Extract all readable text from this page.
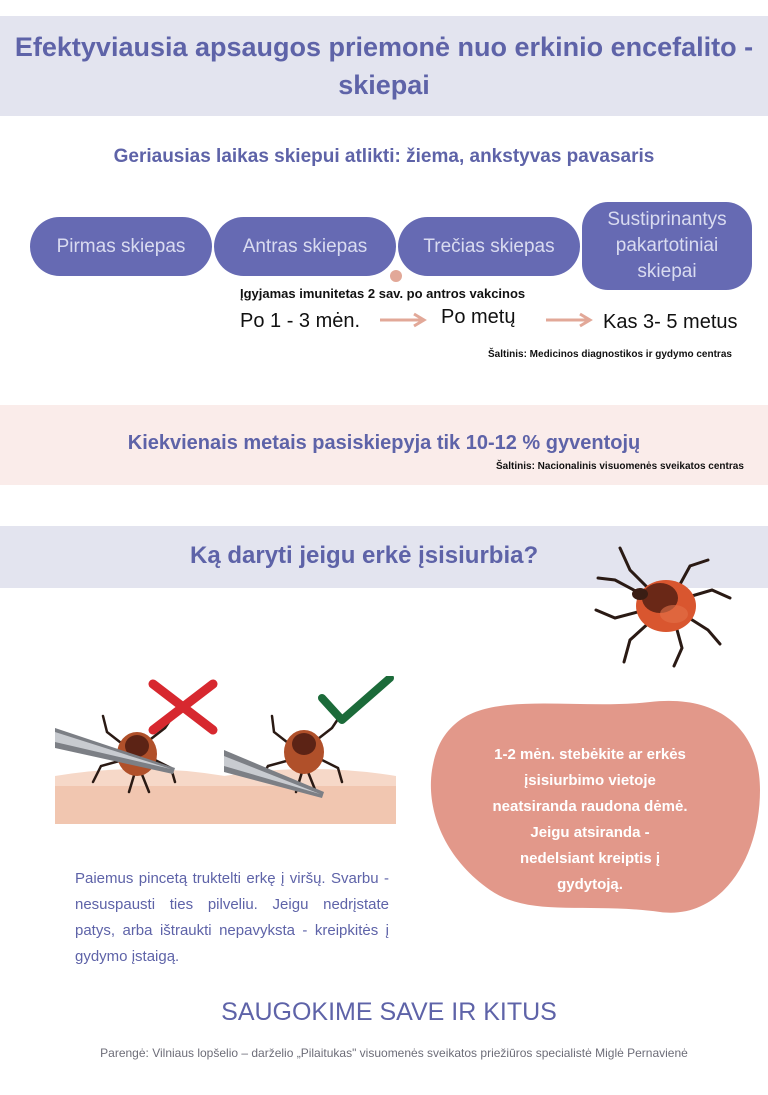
Efektyviausia apsaugos priemonė nuo erkinio encefalito -
skiepai
Geriausias laikas skiepui atlikti: žiema, ankstyvas pavasaris
Pirmas skiepas	Antras skiepas	Trečias skiepas
Sustiprinantys
pakartotiniai
skiepai
Įgyjamas imunitetas 2 sav. po antros vakcinos
Po 1 - 3 mėn.	Po metų	Kas 3- 5 metus
Šaltinis: Medicinos diagnostikos ir gydymo centras
Kiekvienais metais pasiskiepyja tik 10-12 % gyventojų
Šaltinis: Nacionalinis visuomenės sveikatos centras
Ką daryti jeigu erkė įsisiurbia?
1-2 mėn. stebėkite ar erkės
įsisiurbimo vietoje
neatsiranda raudona dėmė.
Jeigu atsiranda -
nedelsiant kreiptis į
gydytoją.
Paiemus pincetą truktelti erkę į viršų. Svarbu - nesuspausti ties pilveliu. Jeigu nedrįstate patys, arba ištraukti nepavyksta - kreipkitės į gydymo įstaigą.
SAUGOKIME SAVE IR KITUS
Parengė: Vilniaus lopšelio – darželio „Pilaitukas" visuomenės sveikatos priežiūros specialistė Miglė Pernavienė
